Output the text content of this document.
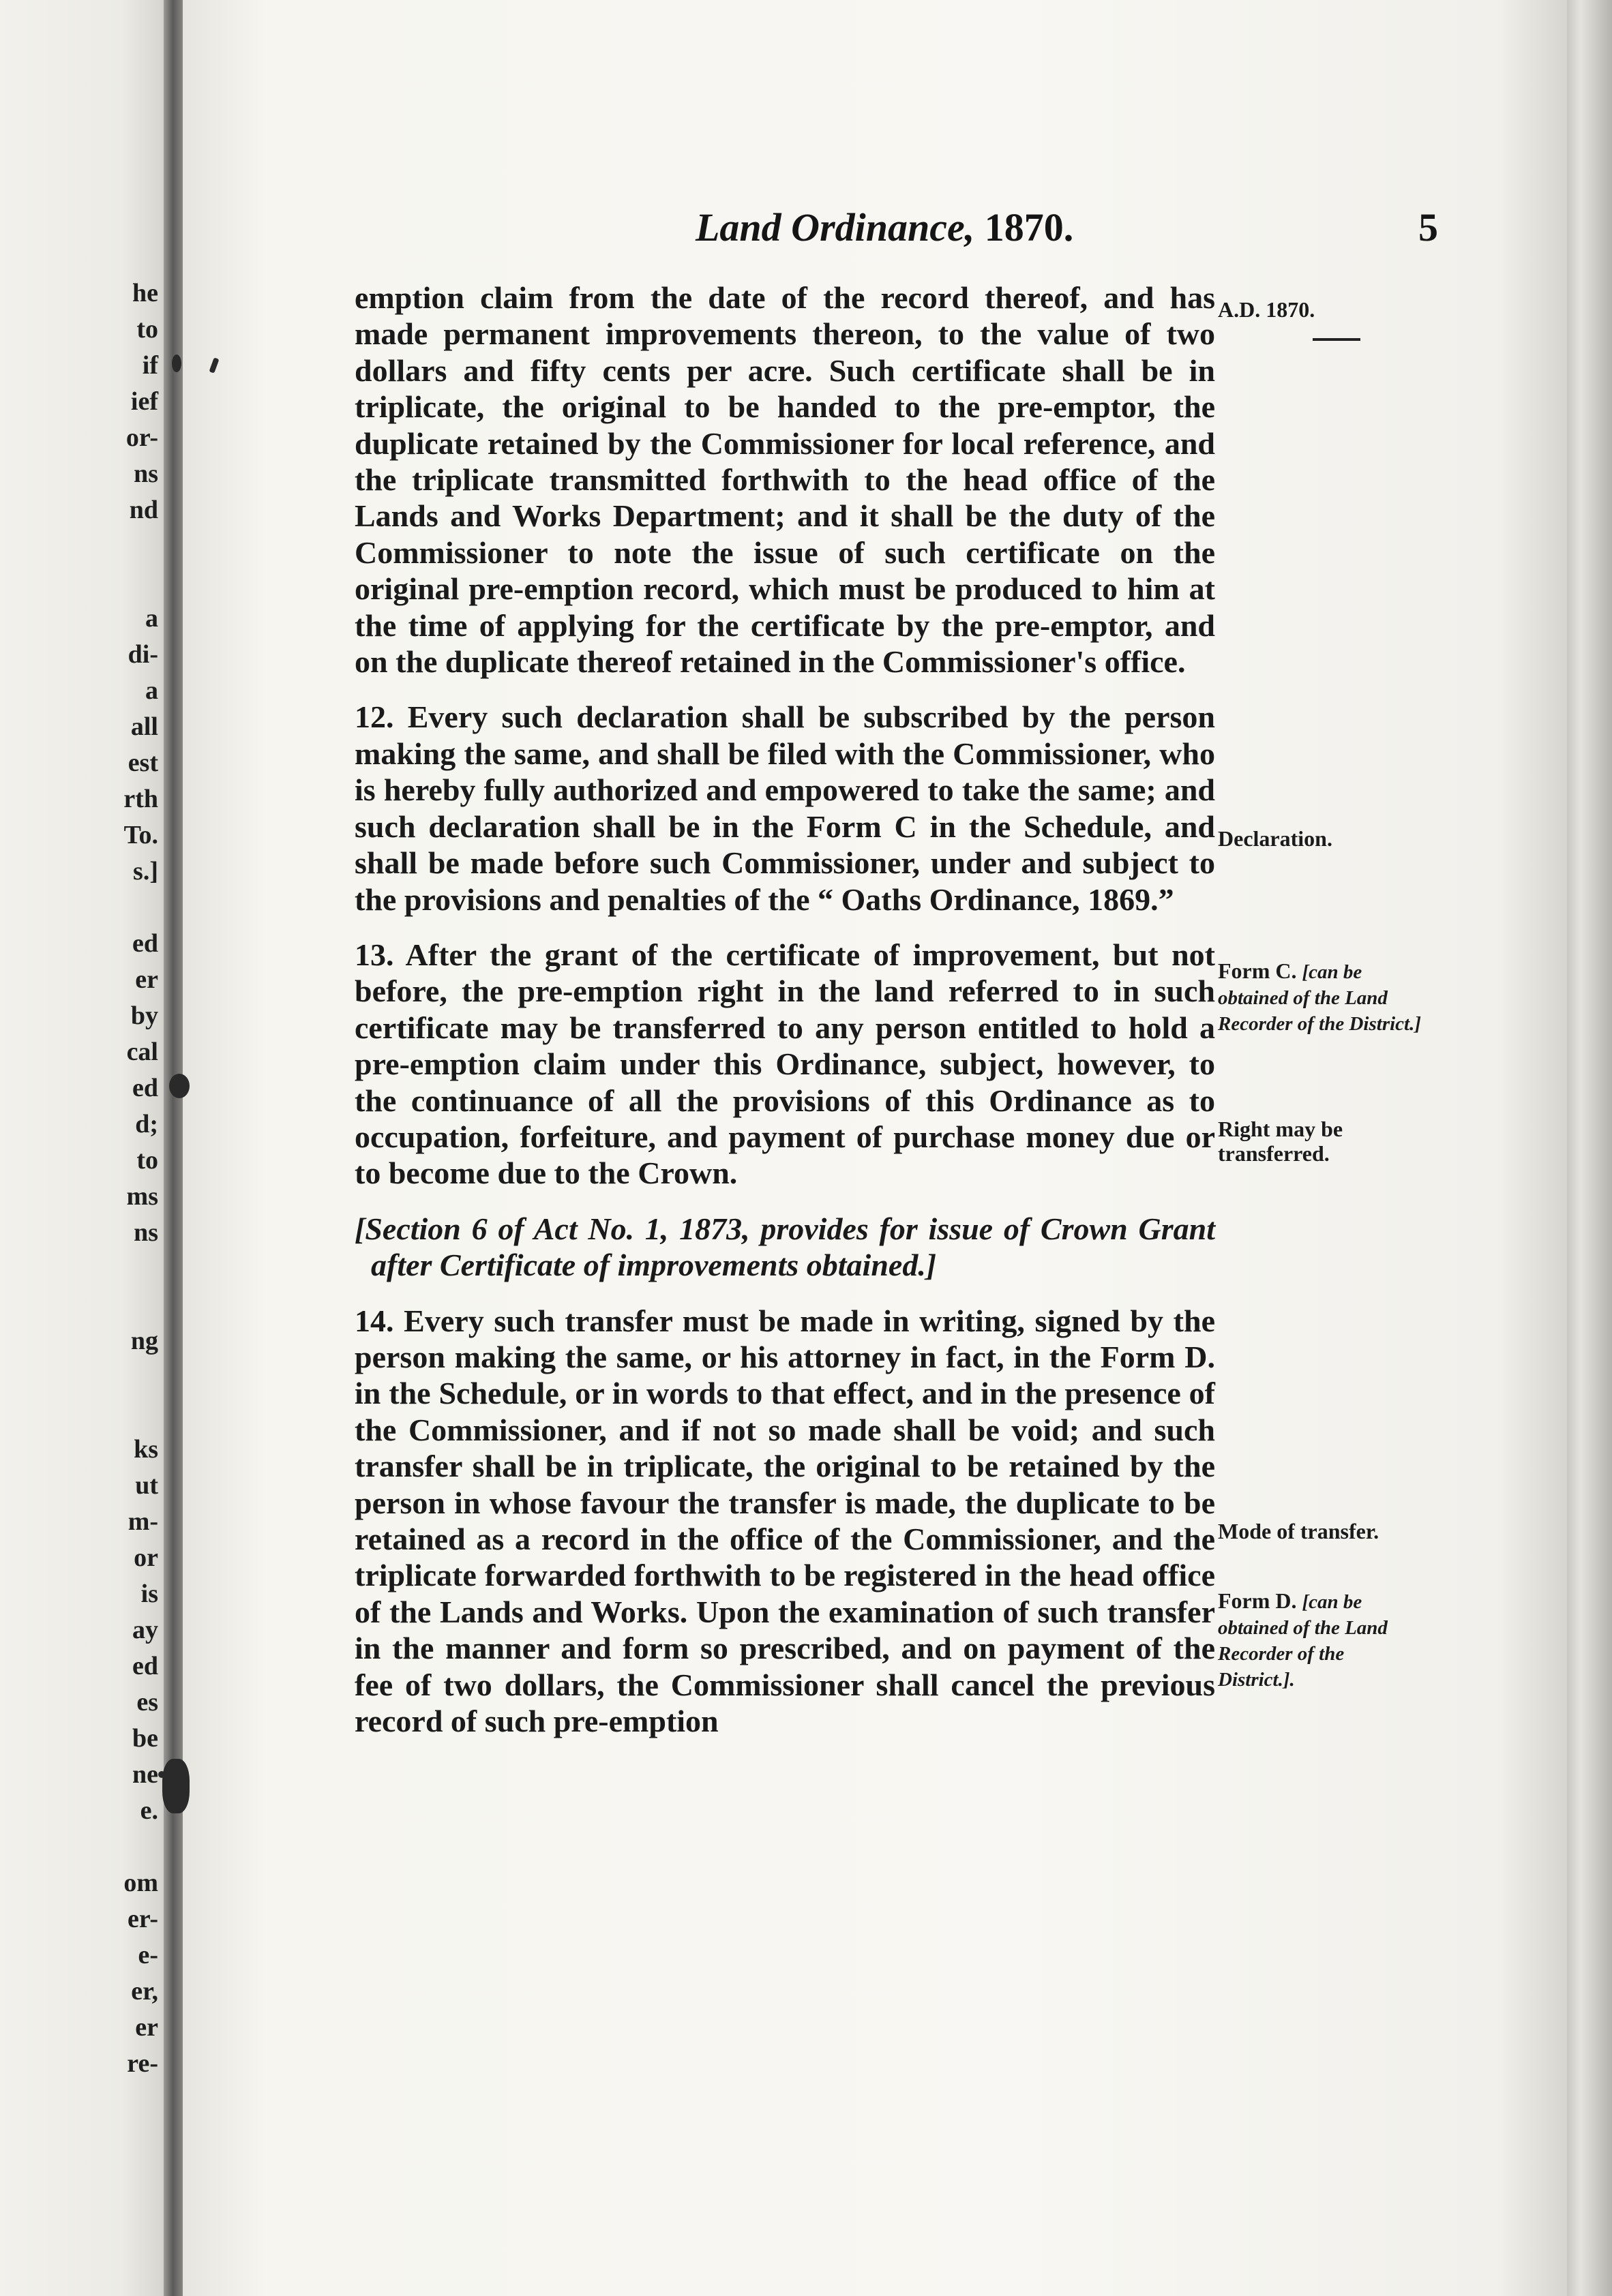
he
to
if
ief
or-
ns
nd
a
di-
a
all
est
rth
To.
s.]
ed
er
by
cal
ed
d;
to
ms
ns
ng
ks
ut
m-
or
is
ay
ed
es
be
ne
e.
om
er-
e-
er,
er
re-
Land Ordinance, 1870.	5
A.D. 1870.
Declaration.
Form C. [can be obtained of the Land Recorder of the District.]
Right may be
transferred.
Mode of transfer.
Form D. [can be obtained of the Land Recorder of the District.].

emption claim from the date of the record thereof, and has made permanent improvements thereon, to the value of two dollars and fifty cents per acre. Such certificate shall be in triplicate, the original to be handed to the pre-emptor, the duplicate retained by the Commissioner for local reference, and the triplicate transmitted forthwith to the head office of the Lands and Works Department; and it shall be the duty of the Commissioner to note the issue of such certificate on the original pre-emption record, which must be produced to him at the time of applying for the certificate by the pre-emptor, and on the duplicate thereof retained in the Commissioner's office.

12. Every such declaration shall be subscribed by the person making the same, and shall be filed with the Commissioner, who is hereby fully authorized and empowered to take the same; and such declaration shall be in the Form C in the Schedule, and shall be made before such Commissioner, under and subject to the provisions and penalties of the “ Oaths Ordinance, 1869.”

13. After the grant of the certificate of improvement, but not before, the pre-emption right in the land referred to in such certificate may be transferred to any person entitled to hold a pre-emption claim under this Ordinance, subject, however, to the continuance of all the provisions of this Ordinance as to occupation, forfeiture, and payment of purchase money due or to become due to the Crown.

[Section 6 of Act No. 1, 1873, provides for issue of Crown Grant after Certificate of improvements obtained.]

14. Every such transfer must be made in writing, signed by the person making the same, or his attorney in fact, in the Form D. in the Schedule, or in words to that effect, and in the presence of the Commissioner, and if not so made shall be void; and such transfer shall be in triplicate, the original to be retained by the person in whose favour the transfer is made, the duplicate to be retained as a record in the office of the Commissioner, and the triplicate forwarded forthwith to be registered in the head office of the Lands and Works. Upon the examination of such transfer in the manner and form so prescribed, and on payment of the fee of two dollars, the Commissioner shall cancel the previous record of such pre-emption
